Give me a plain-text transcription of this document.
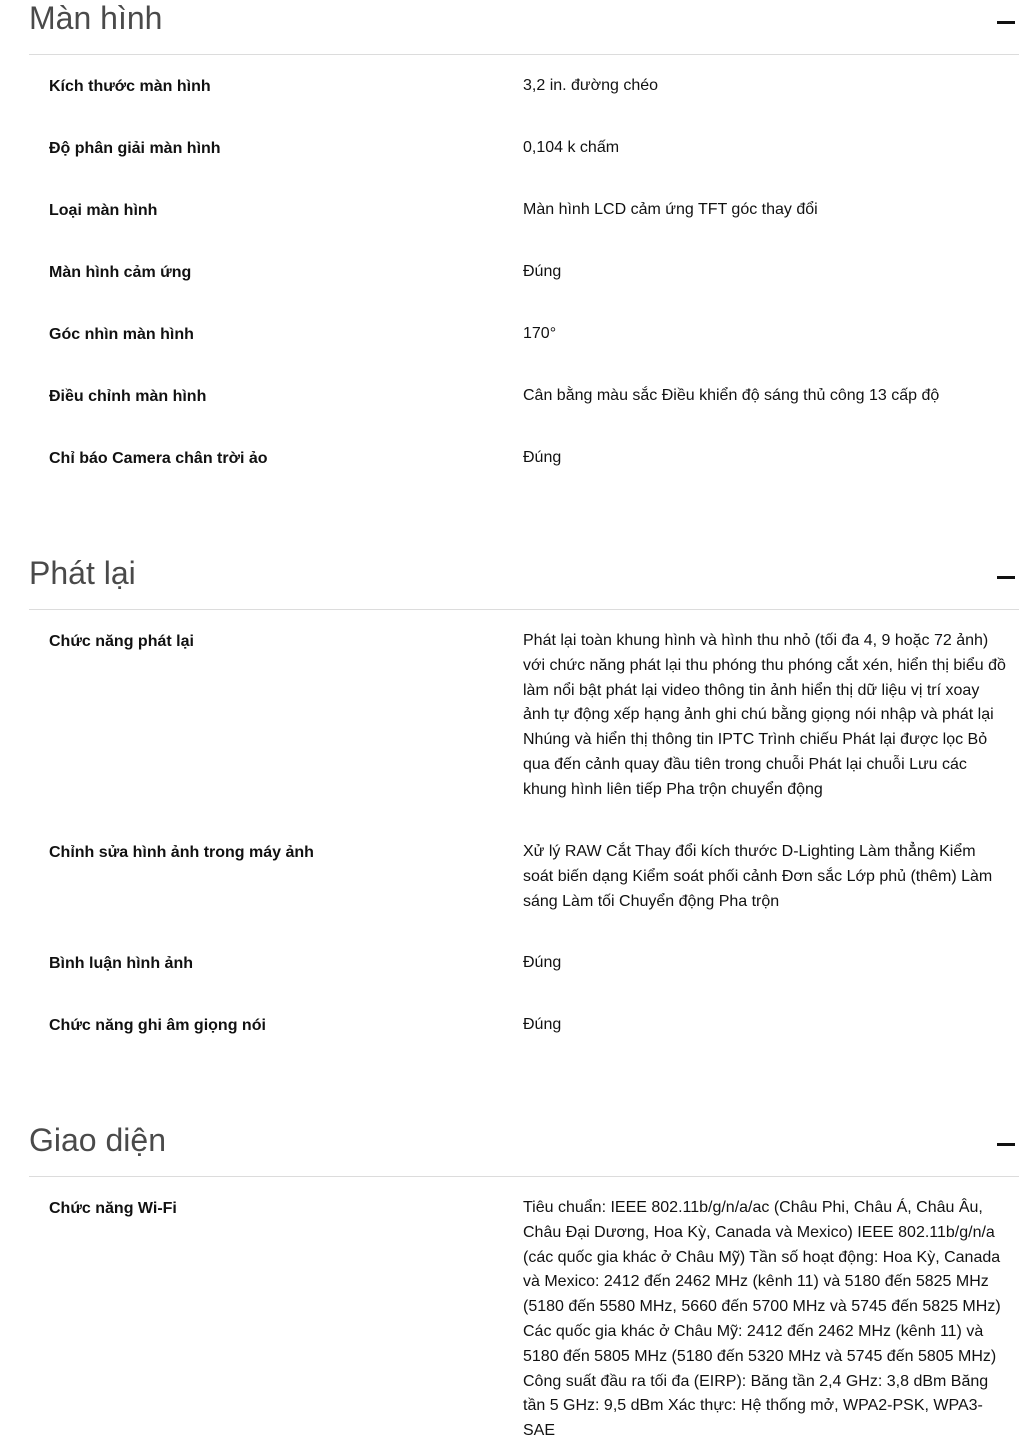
Màn hình
Kích thước màn hình	3,2 in. đường chéo
Độ phân giải màn hình	0,104 k chấm
Loại màn hình	Màn hình LCD cảm ứng TFT góc thay đổi
Màn hình cảm ứng	Đúng
Góc nhìn màn hình	170°
Điều chỉnh màn hình	Cân bằng màu sắc Điều khiển độ sáng thủ công 13 cấp độ
Chỉ báo Camera chân trời ảo	Đúng
Phát lại
Chức năng phát lại	Phát lại toàn khung hình và hình thu nhỏ (tối đa 4, 9 hoặc 72 ảnh) với chức năng phát lại thu phóng thu phóng cắt xén, hiển thị biểu đồ làm nổi bật phát lại video thông tin ảnh hiển thị dữ liệu vị trí xoay ảnh tự động xếp hạng ảnh ghi chú bằng giọng nói nhập và phát lại Nhúng và hiển thị thông tin IPTC Trình chiếu Phát lại được lọc Bỏ qua đến cảnh quay đầu tiên trong chuỗi Phát lại chuỗi Lưu các khung hình liên tiếp Pha trộn chuyển động
Chỉnh sửa hình ảnh trong máy ảnh	Xử lý RAW Cắt Thay đổi kích thước D-Lighting Làm thẳng Kiểm soát biến dạng Kiểm soát phối cảnh Đơn sắc Lớp phủ (thêm) Làm sáng Làm tối Chuyển động Pha trộn
Bình luận hình ảnh	Đúng
Chức năng ghi âm giọng nói	Đúng
Giao diện
Chức năng Wi-Fi	Tiêu chuẩn: IEEE 802.11b/g/n/a/ac (Châu Phi, Châu Á, Châu Âu, Châu Đại Dương, Hoa Kỳ, Canada và Mexico) IEEE 802.11b/g/n/a (các quốc gia khác ở Châu Mỹ) Tần số hoạt động: Hoa Kỳ, Canada và Mexico: 2412 đến 2462 MHz (kênh 11) và 5180 đến 5825 MHz (5180 đến 5580 MHz, 5660 đến 5700 MHz và 5745 đến 5825 MHz) Các quốc gia khác ở Châu Mỹ: 2412 đến 2462 MHz (kênh 11) và 5180 đến 5805 MHz (5180 đến 5320 MHz và 5745 đến 5805 MHz) Công suất đầu ra tối đa (EIRP): Băng tần 2,4 GHz: 3,8 dBm Băng tần 5 GHz: 9,5 dBm Xác thực: Hệ thống mở, WPA2-PSK, WPA3-SAE
